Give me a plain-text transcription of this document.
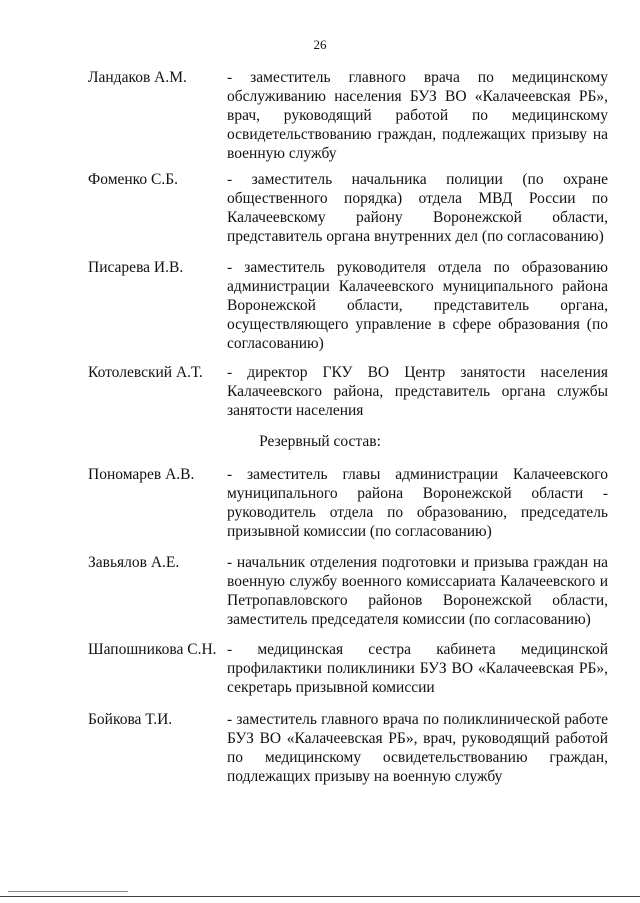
26
Ландаков А.М.	- заместитель главного врача по медицинскому обслуживанию населения БУЗ ВО «Калачеевская РБ», врач, руководящий работой по медицинскому освидетельствованию граждан, подлежащих призыву на военную службу
Фоменко С.Б.	- заместитель начальника полиции (по охране общественного порядка) отдела МВД России по Калачеевскому району Воронежской области, представитель органа внутренних дел (по согласованию)
Писарева И.В.	- заместитель руководителя отдела по образованию администрации Калачеевского муниципального района Воронежской области, представитель органа, осуществляющего управление в сфере образования (по согласованию)
Котолевский А.Т. - директор ГКУ ВО Центр занятости населения Калачеевского района, представитель органа службы занятости населения
Резервный состав:
Пономарев А.В. - заместитель главы администрации Калачеевского муниципального района Воронежской области - руководитель отдела по образованию, председатель призывной комиссии (по согласованию)
Завьялов А.Е.	- начальник отделения подготовки и призыва граждан на военную службу военного комиссариата Калачеевского и Петропавловского районов Воронежской области, заместитель председателя комиссии (по согласованию)
Шапошникова С.Н. - медицинская сестра кабинета медицинской профилактики поликлиники БУЗ ВО «Калачеевская РБ», секретарь призывной комиссии
Бойкова Т.И.	- заместитель главного врача по поликлинической работе БУЗ ВО «Калачеевская РБ», врач, руководящий работой по медицинскому освидетельствованию граждан, подлежащих призыву на военную службу
